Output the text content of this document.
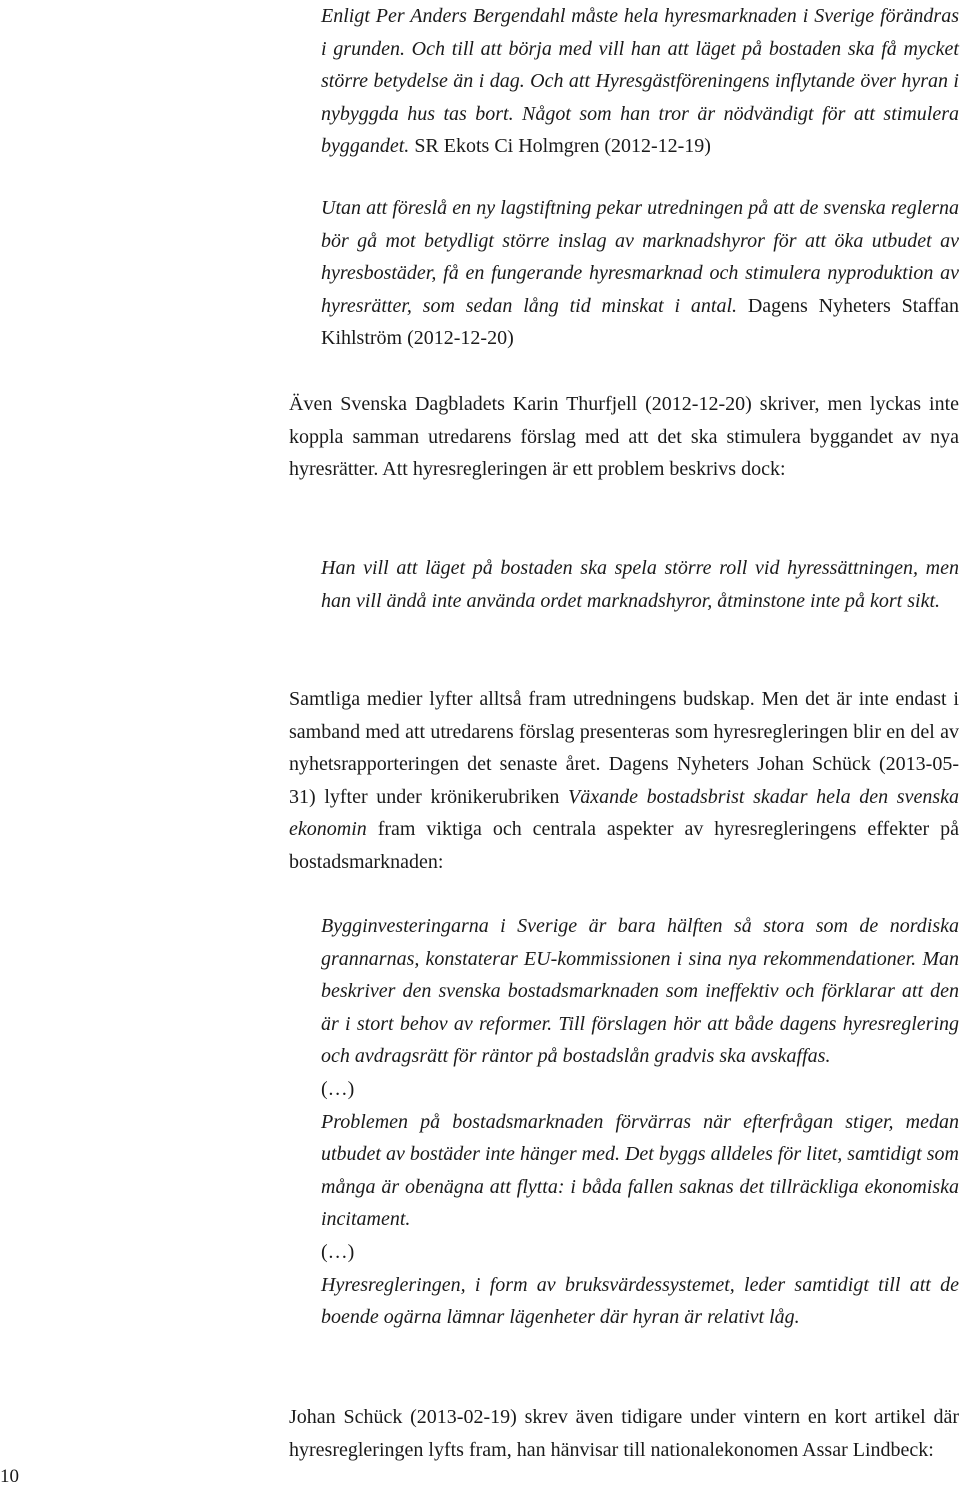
Enligt Per Anders Bergendahl måste hela hyresmarknaden i Sverige förändras i grunden. Och till att börja med vill han att läget på bostaden ska få mycket större betydelse än i dag. Och att Hyresgästföreningens inflytande över hyran i nybyggda hus tas bort. Något som han tror är nödvändigt för att stimulera byggandet. SR Ekots Ci Holmgren (2012-12-19)
Utan att föreslå en ny lagstiftning pekar utredningen på att de svenska reglerna bör gå mot betydligt större inslag av marknadshyror för att öka utbudet av hyresbostäder, få en fungerande hyresmarknad och stimulera nyproduktion av hyresrätter, som sedan lång tid minskat i antal. Dagens Nyheters Staffan Kihlström (2012-12-20)

Även Svenska Dagbladets Karin Thurfjell (2012-12-20) skriver, men lyckas inte koppla samman utredarens förslag med att det ska stimulera byggandet av nya hyresrätter. Att hyresregleringen är ett problem beskrivs dock:

Han vill att läget på bostaden ska spela större roll vid hyressättningen, men han vill ändå inte använda ordet marknadshyror, åtminstone inte på kort sikt.

Samtliga medier lyfter alltså fram utredningens budskap. Men det är inte endast i samband med att utredarens förslag presenteras som hyresregleringen blir en del av nyhetsrapporteringen det senaste året. Dagens Nyheters Johan Schück (2013-05-31) lyfter under krönikerubriken Växande bostadsbrist skadar hela den svenska ekonomin fram viktiga och centrala aspekter av hyresregleringens effekter på bostadsmarknaden:

Bygginvesteringarna i Sverige är bara hälften så stora som de nordiska grannarnas, konstaterar EU-kommissionen i sina nya rekommendationer. Man beskriver den svenska bostadsmarknaden som ineffektiv och förklarar att den är i stort behov av reformer. Till förslagen hör att både dagens hyresreglering och avdragsrätt för räntor på bostadslån gradvis ska avskaffas.
(…)
Problemen på bostadsmarknaden förvärras när efterfrågan stiger, medan utbudet av bostäder inte hänger med. Det byggs alldeles för litet, samtidigt som många är obenägna att flytta: i båda fallen saknas det tillräckliga ekonomiska incitament.
(…)
Hyresregleringen, i form av bruksvärdessystemet, leder samtidigt till att de boende ogärna lämnar lägenheter där hyran är relativt låg.

Johan Schück (2013-02-19) skrev även tidigare under vintern en kort artikel där hyresregleringen lyfts fram, han hänvisar till nationalekonomen Assar Lindbeck:

10
